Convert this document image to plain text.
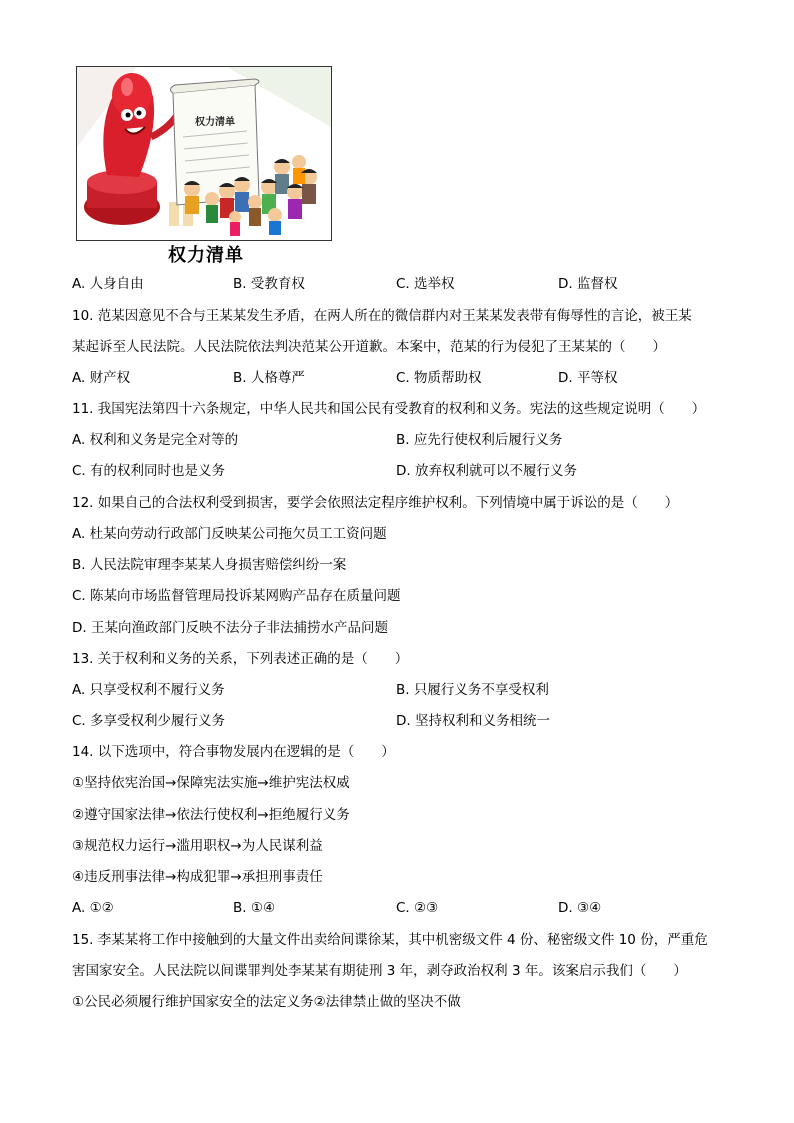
权力清单
权力清单
A. 人身自由	B. 受教育权	C. 选举权	D. 监督权
10. 范某因意见不合与王某某发生矛盾，在两人所在的微信群内对王某某发表带有侮辱性的言论，被王某
某起诉至人民法院。人民法院依法判决范某公开道歉。本案中，范某的行为侵犯了王某某的（　　）
A. 财产权	B. 人格尊严	C. 物质帮助权	D. 平等权
11. 我国宪法第四十六条规定，中华人民共和国公民有受教育的权利和义务。宪法的这些规定说明（　　）
A. 权利和义务是完全对等的	B. 应先行使权利后履行义务
C. 有的权利同时也是义务	D. 放弃权利就可以不履行义务
12. 如果自己的合法权利受到损害，要学会依照法定程序维护权利。下列情境中属于诉讼的是（　　）
A. 杜某向劳动行政部门反映某公司拖欠员工工资问题
B. 人民法院审理李某某人身损害赔偿纠纷一案
C. 陈某向市场监督管理局投诉某网购产品存在质量问题
D. 王某向渔政部门反映不法分子非法捕捞水产品问题
13. 关于权利和义务的关系，下列表述正确的是（　　）
A. 只享受权利不履行义务	B. 只履行义务不享受权利
C. 多享受权利少履行义务	D. 坚持权利和义务相统一
14. 以下选项中，符合事物发展内在逻辑的是（　　）
①坚持依宪治国→保障宪法实施→维护宪法权威
②遵守国家法律→依法行使权利→拒绝履行义务
③规范权力运行→滥用职权→为人民谋利益
④违反刑事法律→构成犯罪→承担刑事责任
A. ①②	B. ①④	C. ②③	D. ③④
15. 李某某将工作中接触到的大量文件出卖给间谍徐某，其中机密级文件 4 份、秘密级文件 10 份，严重危
害国家安全。人民法院以间谍罪判处李某某有期徒刑 3 年，剥夺政治权利 3 年。该案启示我们（　　）
①公民必须履行维护国家安全的法定义务②法律禁止做的坚决不做
